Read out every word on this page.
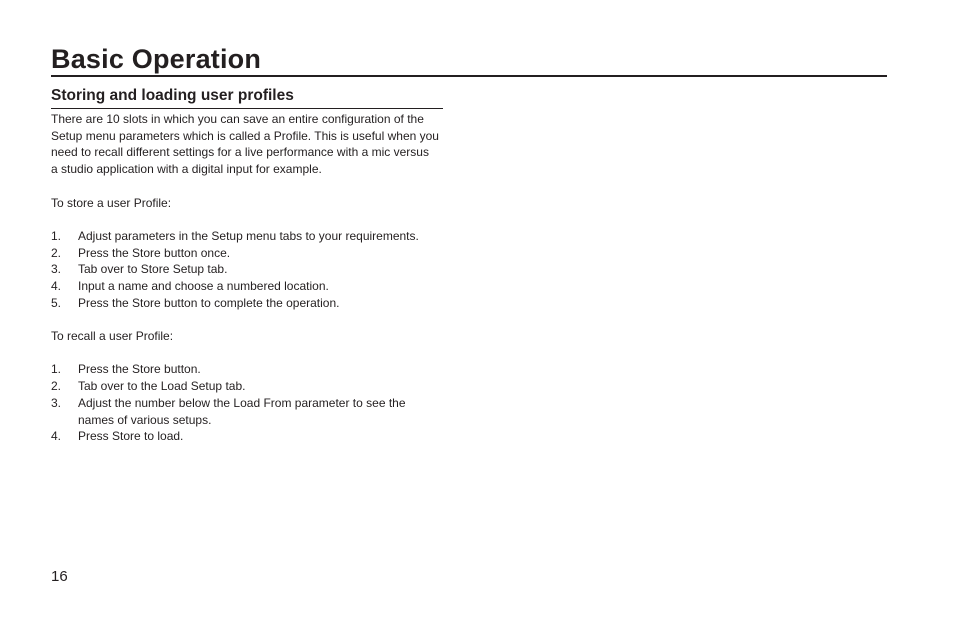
Basic Operation
Storing and loading user profiles

There are 10 slots in which you can save an entire configuration of the
Setup menu parameters which is called a Profile. This is useful when you
need to recall different settings for a live performance with a mic versus
a studio application with a digital input for example.

To store a user Profile:

1.	Adjust parameters in the Setup menu tabs to your requirements.
2.	Press the Store button once.
3.	Tab over to Store Setup tab.
4.	Input a name and choose a numbered location.
5.	Press the Store button to complete the operation.

To recall a user Profile:

1.	Press the Store button.
2.	Tab over to the Load Setup tab.
3.	Adjust the number below the Load From parameter to see the
names of various setups.
4.	Press Store to load.
16
